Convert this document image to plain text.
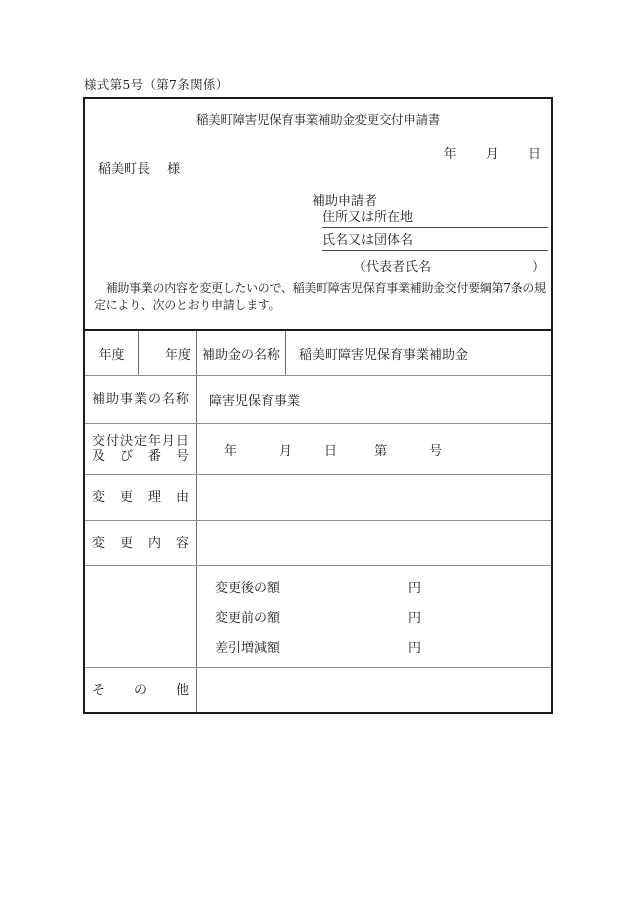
様式第5号（第7条関係）
稲美町障害児保育事業補助金変更交付申請書
年 月 日
稲美町長 様
補助申請者
住所又は所在地
氏名又は団体名
（代表者氏名	）
　補助事業の内容を変更したいので、稲美町障害児保育事業補助金交付要綱第7条の規
定により、次のとおり申請します。
年度	年度 補助金の名称	稲美町障害児保育事業補助金
補 助 事 業 の 名 称	障害児保育事業
交 付 決 定 年 月 日
及 び 番 号	年	月 日	第	号
変 更 理 由
変 更 内 容
変更後の額	円
変更前の額	円
差引増減額	円
そ の 他
